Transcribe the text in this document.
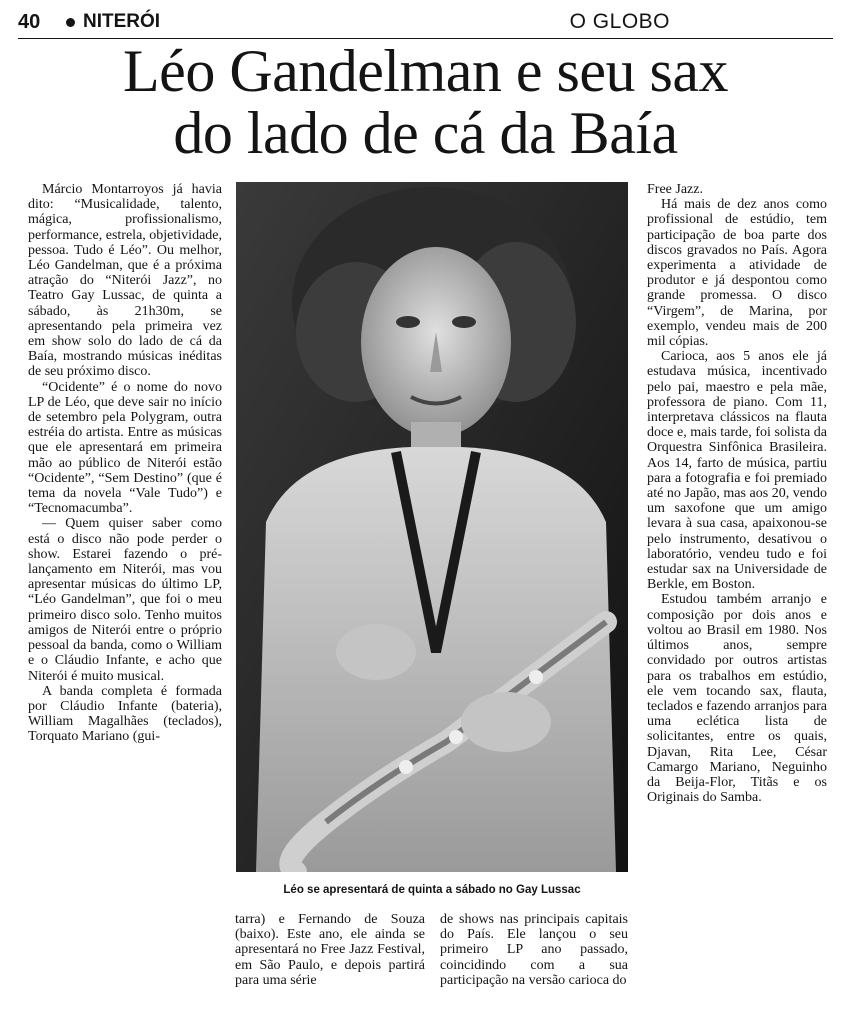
40 NITERÓI	O GLOBO
Léo Gandelman e seu sax
do lado de cá da Baía

Márcio Montarroyos já havia dito: “Musicalidade, talento, mágica, profissionalismo, performance, estrela, objetividade, pessoa. Tudo é Léo”. Ou melhor, Léo Gandelman, que é a próxima atração do “Niterói Jazz”, no Teatro Gay Lussac, de quinta a sábado, às 21h30m, se apresentando pela primeira vez em show solo do lado de cá da Baía, mostrando músicas inéditas de seu próximo disco.

“Ocidente” é o nome do novo LP de Léo, que deve sair no início de setembro pela Polygram, outra estréia do artista. Entre as músicas que ele apresentará em primeira mão ao público de Niterói estão “Ocidente”, “Sem Destino” (que é tema da novela “Vale Tudo”) e “Tecnomacumba”.

— Quem quiser saber como está o disco não pode perder o show. Estarei fazendo o pré-lançamento em Niterói, mas vou apresentar músicas do último LP, “Léo Gandelman”, que foi o meu primeiro disco solo. Tenho muitos amigos de Niterói entre o próprio pessoal da banda, como o William e o Cláudio Infante, e acho que Niterói é muito musical.

A banda completa é formada por Cláudio Infante (bateria), William Magalhães (teclados), Torquato Mariano (gui-

Léo se apresentará de quinta a sábado no Gay Lussac
tarra) e Fernando de Souza (baixo). Este ano, ele ainda se apresentará no Free Jazz Festival, em São Paulo, e depois partirá para uma série
de shows nas principais capitais do País. Ele lançou o seu primeiro LP ano passado, coincidindo com a sua participação na versão carioca do

Free Jazz.

Há mais de dez anos como profissional de estúdio, tem participação de boa parte dos discos gravados no País. Agora experimenta a atividade de produtor e já despontou como grande promessa. O disco “Virgem”, de Marina, por exemplo, vendeu mais de 200 mil cópias.

Carioca, aos 5 anos ele já estudava música, incentivado pelo pai, maestro e pela mãe, professora de piano. Com 11, interpretava clássicos na flauta doce e, mais tarde, foi solista da Orquestra Sinfônica Brasileira. Aos 14, farto de música, partiu para a fotografia e foi premiado até no Japão, mas aos 20, vendo um saxofone que um amigo levara à sua casa, apaixonou-se pelo instrumento, desativou o laboratório, vendeu tudo e foi estudar sax na Universidade de Berkle, em Boston.

Estudou também arranjo e composição por dois anos e voltou ao Brasil em 1980. Nos últimos anos, sempre convidado por outros artistas para os trabalhos em estúdio, ele vem tocando sax, flauta, teclados e fazendo arranjos para uma eclética lista de solicitantes, entre os quais, Djavan, Rita Lee, César Camargo Mariano, Neguinho da Beija-Flor, Titãs e os Originais do Samba.
